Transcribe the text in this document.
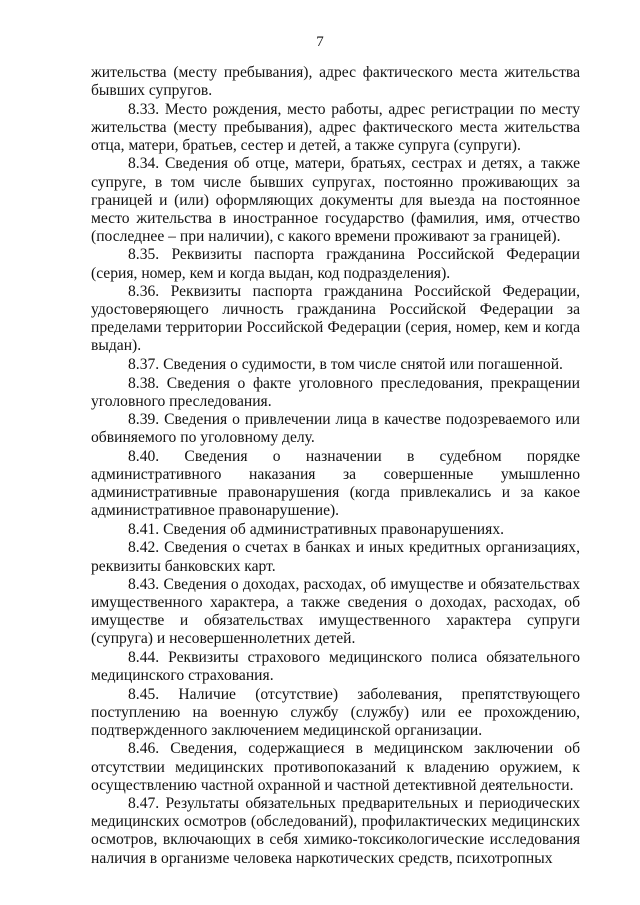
7

жительства (месту пребывания), адрес фактического места жительства бывших супругов.

8.33. Место рождения, место работы, адрес регистрации по месту жительства (месту пребывания), адрес фактического места жительства отца, матери, братьев, сестер и детей, а также супруга (супруги).

8.34. Сведения об отце, матери, братьях, сестрах и детях, а также супруге, в том числе бывших супругах, постоянно проживающих за границей и (или) оформляющих документы для выезда на постоянное место жительства в иностранное государство (фамилия, имя, отчество (последнее – при наличии), с какого времени проживают за границей).

8.35. Реквизиты паспорта гражданина Российской Федерации (серия, номер, кем и когда выдан, код подразделения).

8.36. Реквизиты паспорта гражданина Российской Федерации, удостоверяющего личность гражданина Российской Федерации за пределами территории Российской Федерации (серия, номер, кем и когда выдан).

8.37. Сведения о судимости, в том числе снятой или погашенной.

8.38. Сведения о факте уголовного преследования, прекращении уголовного преследования.

8.39. Сведения о привлечении лица в качестве подозреваемого или обвиняемого по уголовному делу.

8.40. Сведения о назначении в судебном порядке административного наказания за совершенные умышленно административные правонарушения (когда привлекались и за какое административное правонарушение).

8.41. Сведения об административных правонарушениях.

8.42. Сведения о счетах в банках и иных кредитных организациях, реквизиты банковских карт.

8.43. Сведения о доходах, расходах, об имуществе и обязательствах имущественного характера, а также сведения о доходах, расходах, об имуществе и обязательствах имущественного характера супруги (супруга) и несовершеннолетних детей.

8.44. Реквизиты страхового медицинского полиса обязательного медицинского страхования.

8.45. Наличие (отсутствие) заболевания, препятствующего поступлению на военную службу (службу) или ее прохождению, подтвержденного заключением медицинской организации.

8.46. Сведения, содержащиеся в медицинском заключении об отсутствии медицинских противопоказаний к владению оружием, к осуществлению частной охранной и частной детективной деятельности.

8.47. Результаты обязательных предварительных и периодических медицинских осмотров (обследований), профилактических медицинских осмотров, включающих в себя химико-токсикологические исследования наличия в организме человека наркотических средств, психотропных
